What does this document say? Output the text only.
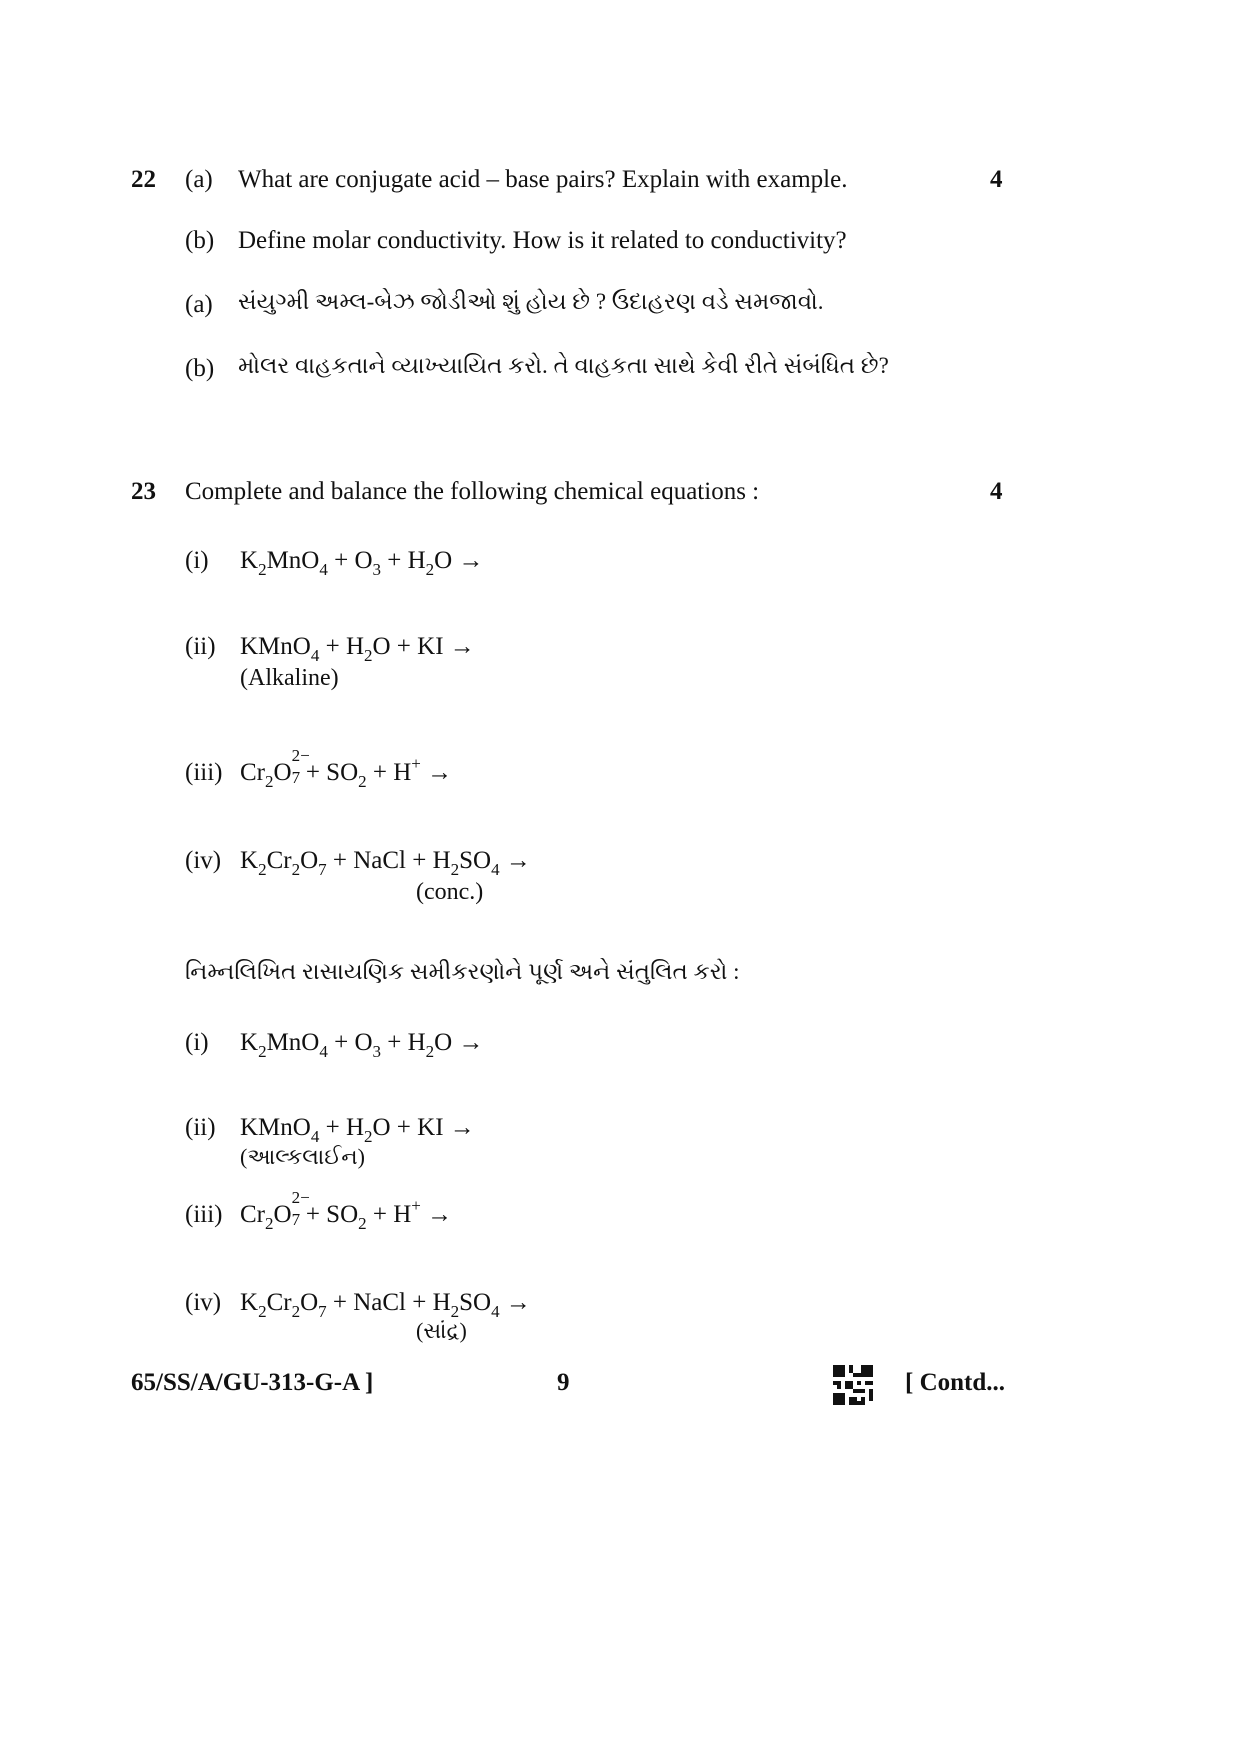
22 (a) What are conjugate acid – base pairs? Explain with example.	4
(b) Define molar conductivity. How is it related to conductivity?
(a) સંયુગ્મી અમ્લ-બેઝ જોડીઓ શું હોય છે ? ઉદાહરણ વડે સમજાવો.
(b) મોલર વાહકતાને વ્યાખ્યાયિત કરો. તે વાહકતા સાથે કેવી રીતે સંબંધિત છે?
23 Complete and balance the following chemical equations :	4
(i) $K_2MnO_4 + O_3 + H_2O$ →
(ii) KMnO$_4$ + $H_2O$ + KI →
(Alkaline)
(iii) $Cr_2O$
2−
$7 + SO_2 + H^+$ →
(iv) $K_2Cr_2O_7$ + NaCl + $H_2SO_4$ →
(conc.)
નિમ્નલિખિત રાસાયણિક સમીકરણોને પૂર્ણ અને સંતુલિત કરો :
(i) $K_2MnO_4 + O_3 + H_2O$ →
(ii) KMnO$_4$ + $H_2O$ + KI →
(આલ્કલાઈન)
(iii) $Cr_2O$
2−
$7 + SO_2 + H^+$ →
(iv) $K_2Cr_2O_7$ + NaCl + $H_2SO_4$ →
(સાંદ્ર)
65/SS/A/GU-313-G-A ]	9	[ Contd...
